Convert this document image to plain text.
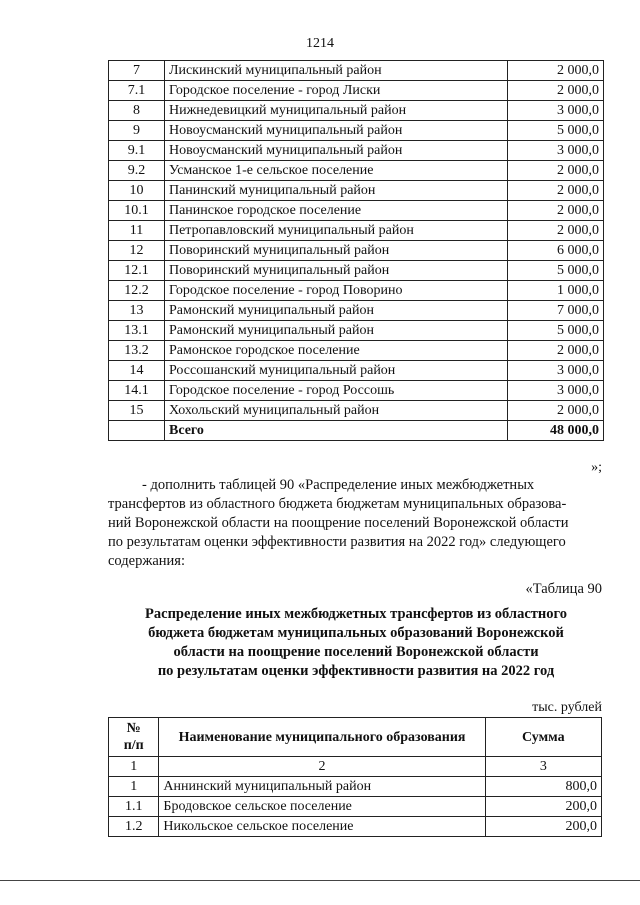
1214
7	Лискинский муниципальный район	2 000,0
7.1	Городское поселение - город Лиски	2 000,0
8	Нижнедевицкий муниципальный район	3 000,0
9	Новоусманский муниципальный район	5 000,0
9.1	Новоусманский муниципальный район	3 000,0
9.2	Усманское 1-е сельское поселение	2 000,0
10	Панинский муниципальный район	2 000,0
10.1	Панинское городское поселение	2 000,0
11	Петропавловский муниципальный район	2 000,0
12	Поворинский муниципальный район	6 000,0
12.1	Поворинский муниципальный район	5 000,0
12.2	Городское поселение - город Поворино	1 000,0
13	Рамонский муниципальный район	7 000,0
13.1	Рамонский муниципальный район	5 000,0
13.2	Рамонское городское поселение	2 000,0
14	Россошанский муниципальный район	3 000,0
14.1	Городское поселение - город Россошь	3 000,0
15	Хохольский муниципальный район	2 000,0
	Всего	48 000,0
»;
- дополнить таблицей 90 «Распределение иных межбюджетных
трансфертов из областного бюджета бюджетам муниципальных образова-
ний Воронежской области на поощрение поселений Воронежской области
по результатам оценки эффективности развития на 2022 год» следующего
содержания:
«Таблица 90
Распределение иных межбюджетных трансфертов из областного
бюджета бюджетам муниципальных образований Воронежской
области на поощрение поселений Воронежской области
по результатам оценки эффективности развития на 2022 год
тыс. рублей
№
п/п	Наименование муниципального образования	Сумма
1	2	3
1	Аннинский муниципальный район	800,0
1.1	Бродовское сельское поселение	200,0
1.2	Никольское сельское поселение	200,0
